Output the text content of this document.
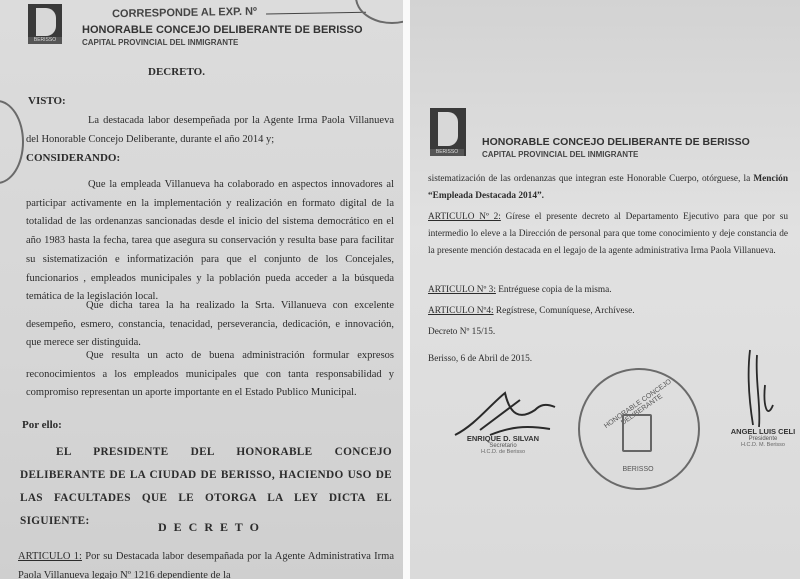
CORRESPONDE AL EXP. Nº
BERISSO
HONORABLE CONCEJO DELIBERANTE DE BERISSO
CAPITAL PROVINCIAL DEL INMIGRANTE
DECRETO.
VISTO:
La destacada labor desempeñada por la Agente Irma Paola Villanueva del Honorable Concejo Deliberante, durante el año 2014 y;
CONSIDERANDO:
Que la empleada Villanueva ha colaborado en aspectos innovadores al participar activamente en la implementación y realización en formato digital de la totalidad de las ordenanzas sancionadas desde el inicio del sistema democrático en el año 1983 hasta la fecha, tarea que asegura su conservación y resulta base para facilitar su sistematización e informatización para que el conjunto de los Concejales, funcionarios , empleados municipales y la población pueda acceder a la búsqueda temática de la legislación local.
Que dicha tarea la ha realizado la Srta. Villanueva con excelente desempeño, esmero, constancia, tenacidad, perseverancia, dedicación, e innovación, que merece ser distinguida.
Que resulta un acto de buena administración formular expresos reconocimientos a los empleados municipales que con tanta responsabilidad y compromiso representan un aporte importante en el Estado Publico Municipal.
Por ello:
EL PRESIDENTE DEL HONORABLE CONCEJO DELIBERANTE DE LA CIUDAD DE BERISSO, HACIENDO USO DE LAS FACULTADES QUE LE OTORGA LA LEY DICTA EL SIGUIENTE:	D E C R E T O
ARTICULO 1: Por su Destacada labor desempañada por la Agente Administrativa Irma Paola Villanueva legajo Nº 1216 dependiente de la
BERISSO
HONORABLE CONCEJO DELIBERANTE DE BERISSO
CAPITAL PROVINCIAL DEL INMIGRANTE
sistematización de las ordenanzas que integran este Honorable Cuerpo, otórguese, la Mención “Empleada Destacada 2014”.
ARTICULO Nº 2: Gírese el presente decreto al Departamento Ejecutivo para que por su intermedio lo eleve a la Dirección de personal para que tome conocimiento y deje constancia de la presente mención destacada en el legajo de la agente administrativa Irma Paola Villanueva.
ARTICULO Nº 3: Entréguese copia de la misma.
ARTICULO Nº4: Regístrese, Comuníquese, Archívese.
Decreto Nº 15/15.
Berisso, 6 de Abril de 2015.
ENRIQUE D. SILVAN
Secretario
H.C.D. de Berisso
HONORABLE CONCEJO DELIBERANTE
BERISSO
ANGEL LUIS CELI
Presidente
H.C.D. M. Berisso
